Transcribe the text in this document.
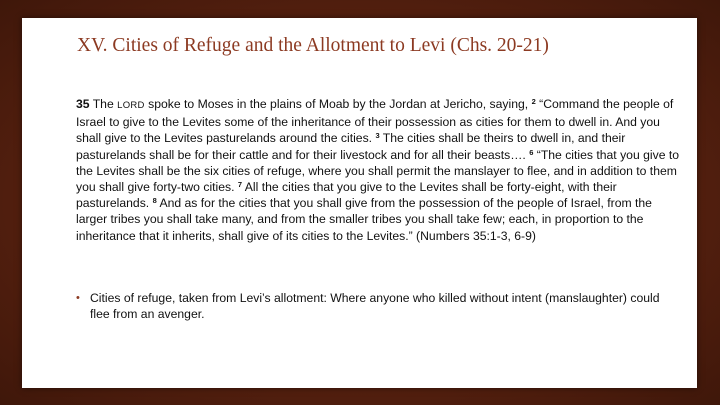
XV. Cities of Refuge and the Allotment to Levi (Chs. 20-21)

35 The LORD spoke to Moses in the plains of Moab by the Jordan at Jericho, saying, $^2$ “Command the people of Israel to give to the Levites some of the inheritance of their possession as cities for them to dwell in. And you shall give to the Levites pasturelands around the cities. $^3$ The cities shall be theirs to dwell in, and their pasturelands shall be for their cattle and for their livestock and for all their beasts…. $^6$ “The cities that you give to the Levites shall be the six cities of refuge, where you shall permit the manslayer to flee, and in addition to them you shall give forty-two cities. $^7$ All the cities that you give to the Levites shall be forty-eight, with their pasturelands. $^8$ And as for the cities that you shall give from the possession of the people of Israel, from the larger tribes you shall take many, and from the smaller tribes you shall take few; each, in proportion to the inheritance that it inherits, shall give of its cities to the Levites.” (Numbers 35:1-3, 6-9)

• Cities of refuge, taken from Levi’s allotment: Where anyone who killed without intent (manslaughter) could flee from an avenger.
